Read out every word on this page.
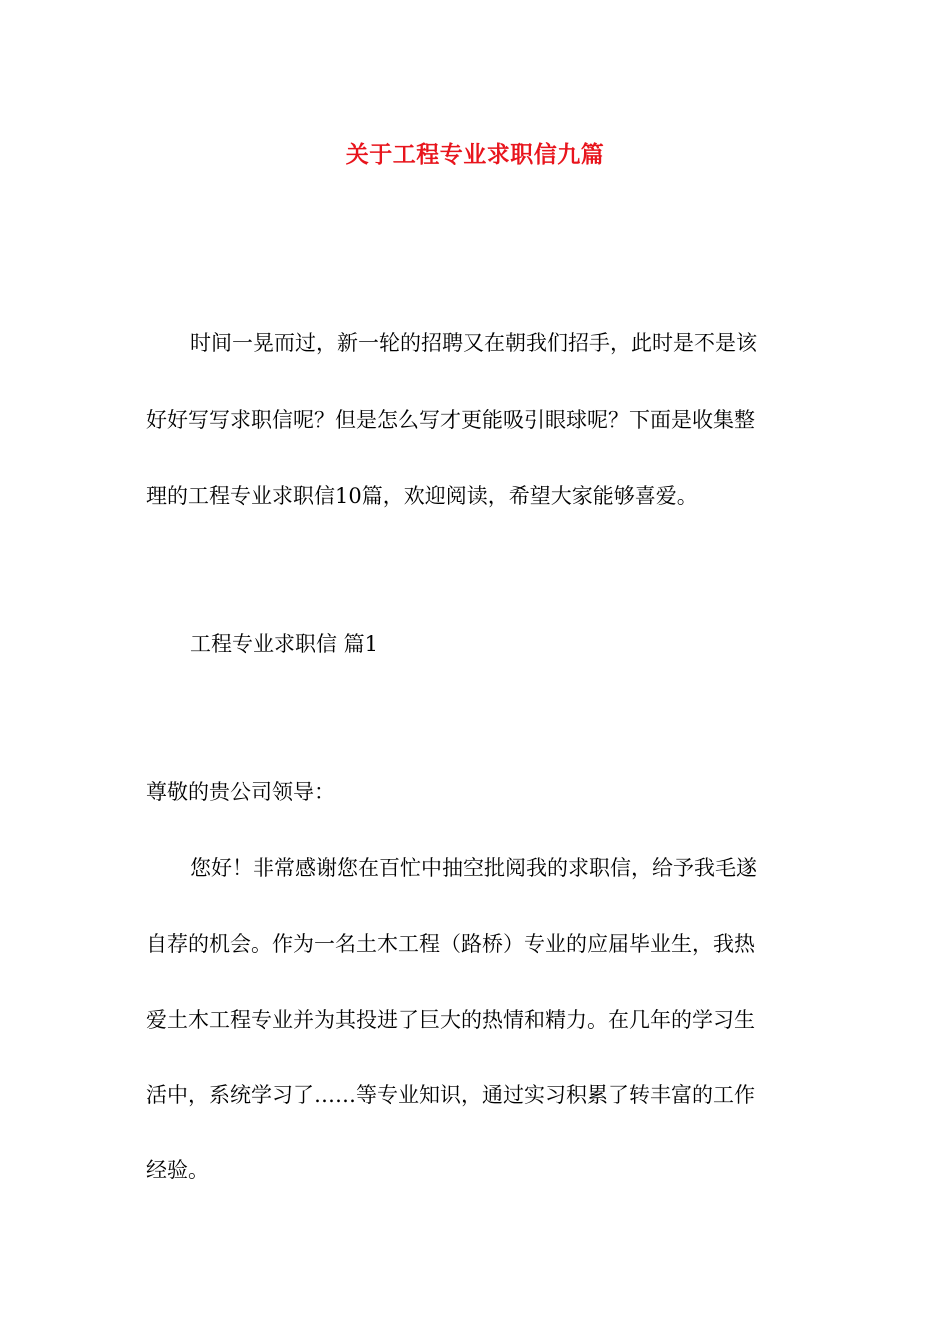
关于工程专业求职信九篇
时间一晃而过，新一轮的招聘又在朝我们招手，此时是不是该
好好写写求职信呢？但是怎么写才更能吸引眼球呢？下面是收集整
理的工程专业求职信10篇，欢迎阅读，希望大家能够喜爱。
工程专业求职信 篇1
尊敬的贵公司领导：
您好！非常感谢您在百忙中抽空批阅我的求职信，给予我毛遂
自荐的机会。作为一名土木工程（路桥）专业的应届毕业生，我热
爱土木工程专业并为其投进了巨大的热情和精力。在几年的学习生
活中，系统学习了……等专业知识，通过实习积累了转丰富的工作
经验。
